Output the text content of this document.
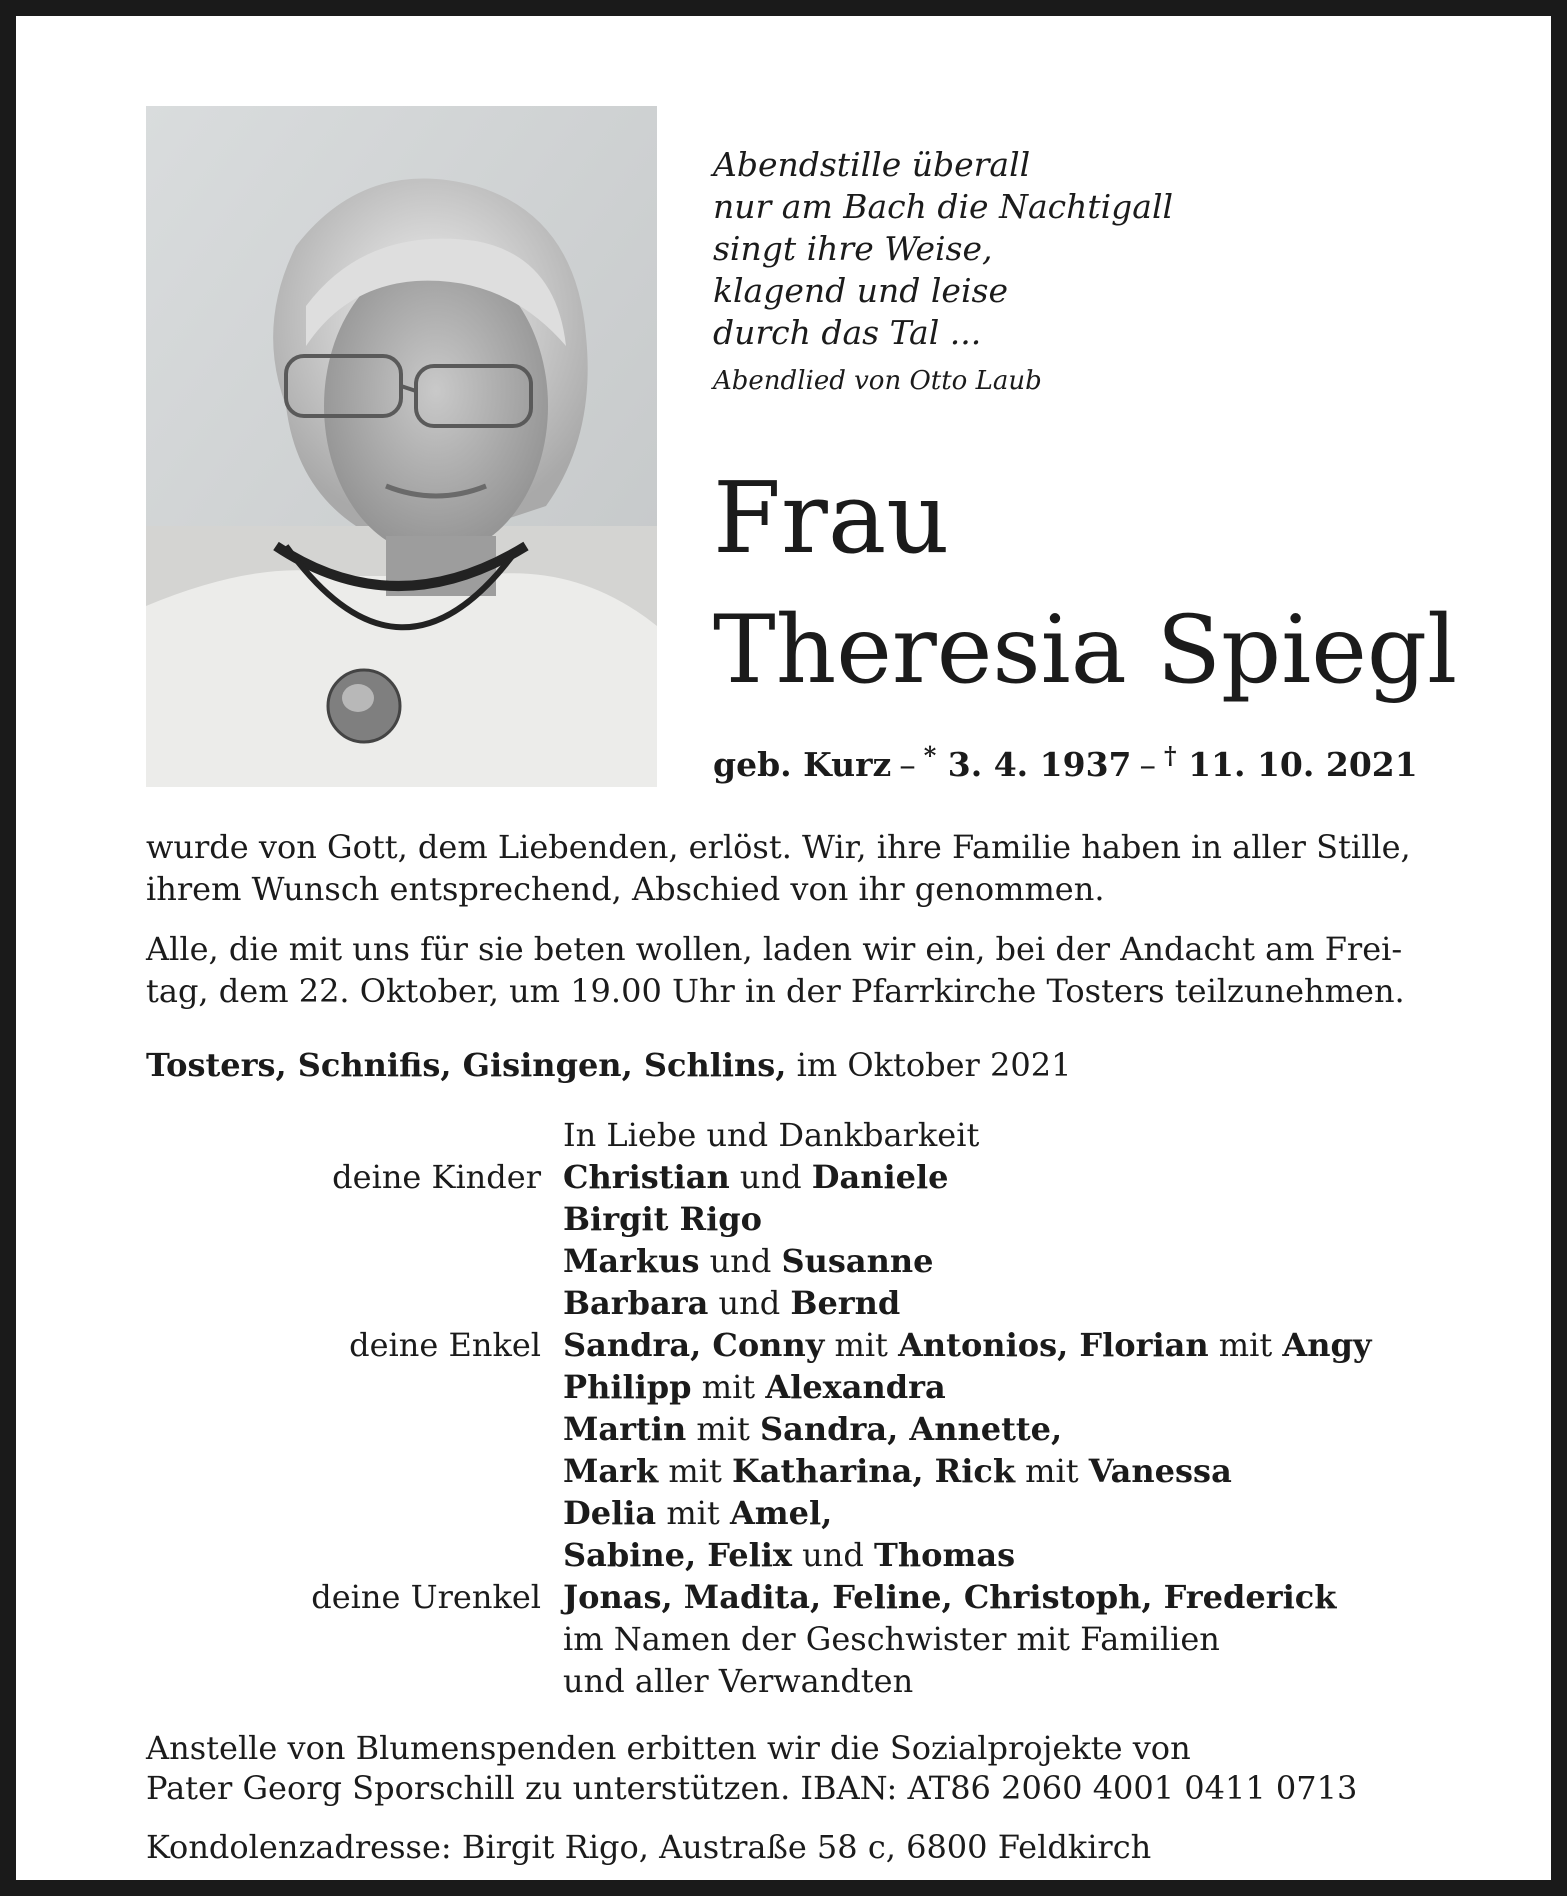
Abendstille überall
nur am Bach die Nachtigall
singt ihre Weise,
klagend und leise
durch das Tal ...
Abendlied von Otto Laub
Frau
Theresia Spiegl
geb. Kurz – * 3. 4. 1937 – † 11. 10. 2021
wurde von Gott, dem Liebenden, erlöst. Wir, ihre Familie haben in aller Stille,
ihrem Wunsch entsprechend, Abschied von ihr genommen.
Alle, die mit uns für sie beten wollen, laden wir ein, bei der Andacht am Frei-
tag, dem 22. Oktober, um 19.00 Uhr in der Pfarrkirche Tosters teilzunehmen.
Tosters, Schnifis, Gisingen, Schlins, im Oktober 2021
In Liebe und Dankbarkeit
deine Kinder Christian und Daniele
Birgit Rigo
Markus und Susanne
Barbara und Bernd
deine Enkel Sandra, Conny mit Antonios, Florian mit Angy
Philipp mit Alexandra
Martin mit Sandra, Annette,
Mark mit Katharina, Rick mit Vanessa
Delia mit Amel,
Sabine, Felix und Thomas
deine Urenkel Jonas, Madita, Feline, Christoph, Frederick
im Namen der Geschwister mit Familien
und aller Verwandten
Anstelle von Blumenspenden erbitten wir die Sozialprojekte von
Pater Georg Sporschill zu unterstützen. IBAN: AT86 2060 4001 0411 0713
Kondolenzadresse: Birgit Rigo, Austraße 58 c, 6800 Feldkirch
